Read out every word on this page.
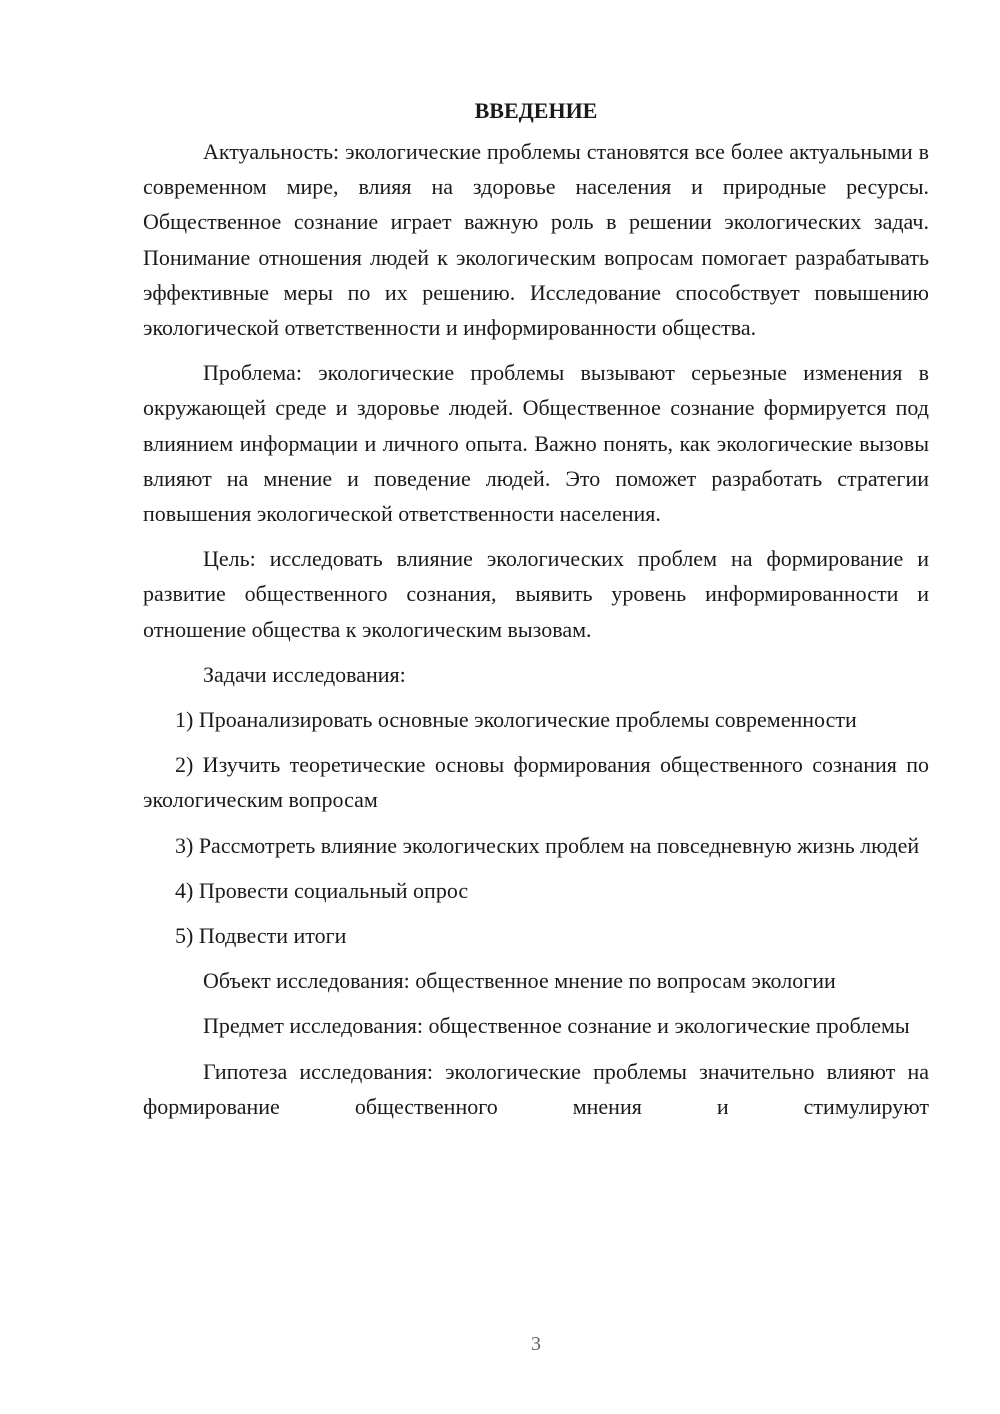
ВВЕДЕНИЕ

Актуальность: экологические проблемы становятся все более актуальными в современном мире, влияя на здоровье населения и природные ресурсы. Общественное сознание играет важную роль в решении экологических задач. Понимание отношения людей к экологическим вопросам помогает разрабатывать эффективные меры по их решению. Исследование способствует повышению экологической ответственности и информированности общества.

Проблема: экологические проблемы вызывают серьезные изменения в окружающей среде и здоровье людей. Общественное сознание формируется под влиянием информации и личного опыта. Важно понять, как экологические вызовы влияют на мнение и поведение людей. Это поможет разработать стратегии повышения экологической ответственности населения.

Цель: исследовать влияние экологических проблем на формирование и развитие общественного сознания, выявить уровень информированности и отношение общества к экологическим вызовам.

Задачи исследования:

1) Проанализировать основные экологические проблемы современности

2) Изучить теоретические основы формирования общественного сознания по экологическим вопросам

3) Рассмотреть влияние экологических проблем на повседневную жизнь людей

4) Провести социальный опрос

5) Подвести итоги

Объект исследования: общественное мнение по вопросам экологии

Предмет исследования: общественное сознание и экологические проблемы

Гипотеза исследования: экологические проблемы значительно влияют на формирование общественного мнения и стимулируют

3
